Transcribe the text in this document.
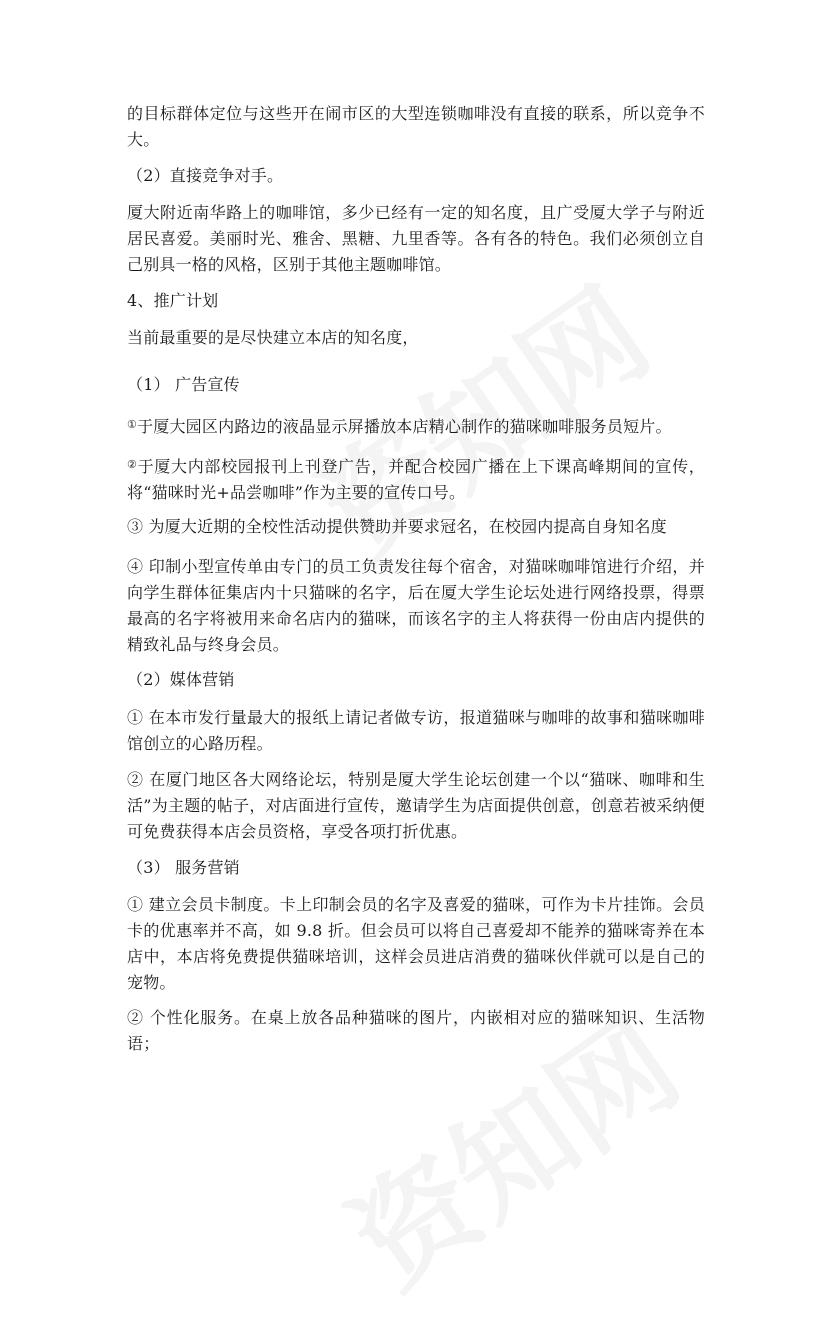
的目标群体定位与这些开在闹市区的大型连锁咖啡没有直接的联系，所以竞争不大。

（2）直接竞争对手。

厦大附近南华路上的咖啡馆，多少已经有一定的知名度，且广受厦大学子与附近居民喜爱。美丽时光、雅舍、黑糖、九里香等。各有各的特色。我们必须创立自己别具一格的风格，区别于其他主题咖啡馆。

4、推广计划

当前最重要的是尽快建立本店的知名度，

（1） 广告宣传

①于厦大园区内路边的液晶显示屏播放本店精心制作的猫咪咖啡服务员短片。

②于厦大内部校园报刊上刊登广告，并配合校园广播在上下课高峰期间的宣传，将“猫咪时光+品尝咖啡”作为主要的宣传口号。

③ 为厦大近期的全校性活动提供赞助并要求冠名，在校园内提高自身知名度

④ 印制小型宣传单由专门的员工负责发往每个宿舍，对猫咪咖啡馆进行介绍，并向学生群体征集店内十只猫咪的名字，后在厦大学生论坛处进行网络投票，得票最高的名字将被用来命名店内的猫咪，而该名字的主人将获得一份由店内提供的精致礼品与终身会员。

（2）媒体营销

① 在本市发行量最大的报纸上请记者做专访，报道猫咪与咖啡的故事和猫咪咖啡馆创立的心路历程。

② 在厦门地区各大网络论坛，特别是厦大学生论坛创建一个以“猫咪、咖啡和生活”为主题的帖子，对店面进行宣传，邀请学生为店面提供创意，创意若被采纳便可免费获得本店会员资格，享受各项打折优惠。

（3） 服务营销

① 建立会员卡制度。卡上印制会员的名字及喜爱的猫咪，可作为卡片挂饰。会员卡的优惠率并不高，如 9.8 折。但会员可以将自己喜爱却不能养的猫咪寄养在本店中，本店将免费提供猫咪培训，这样会员进店消费的猫咪伙伴就可以是自己的宠物。

② 个性化服务。在桌上放各品种猫咪的图片，内嵌相对应的猫咪知识、生活物语；
